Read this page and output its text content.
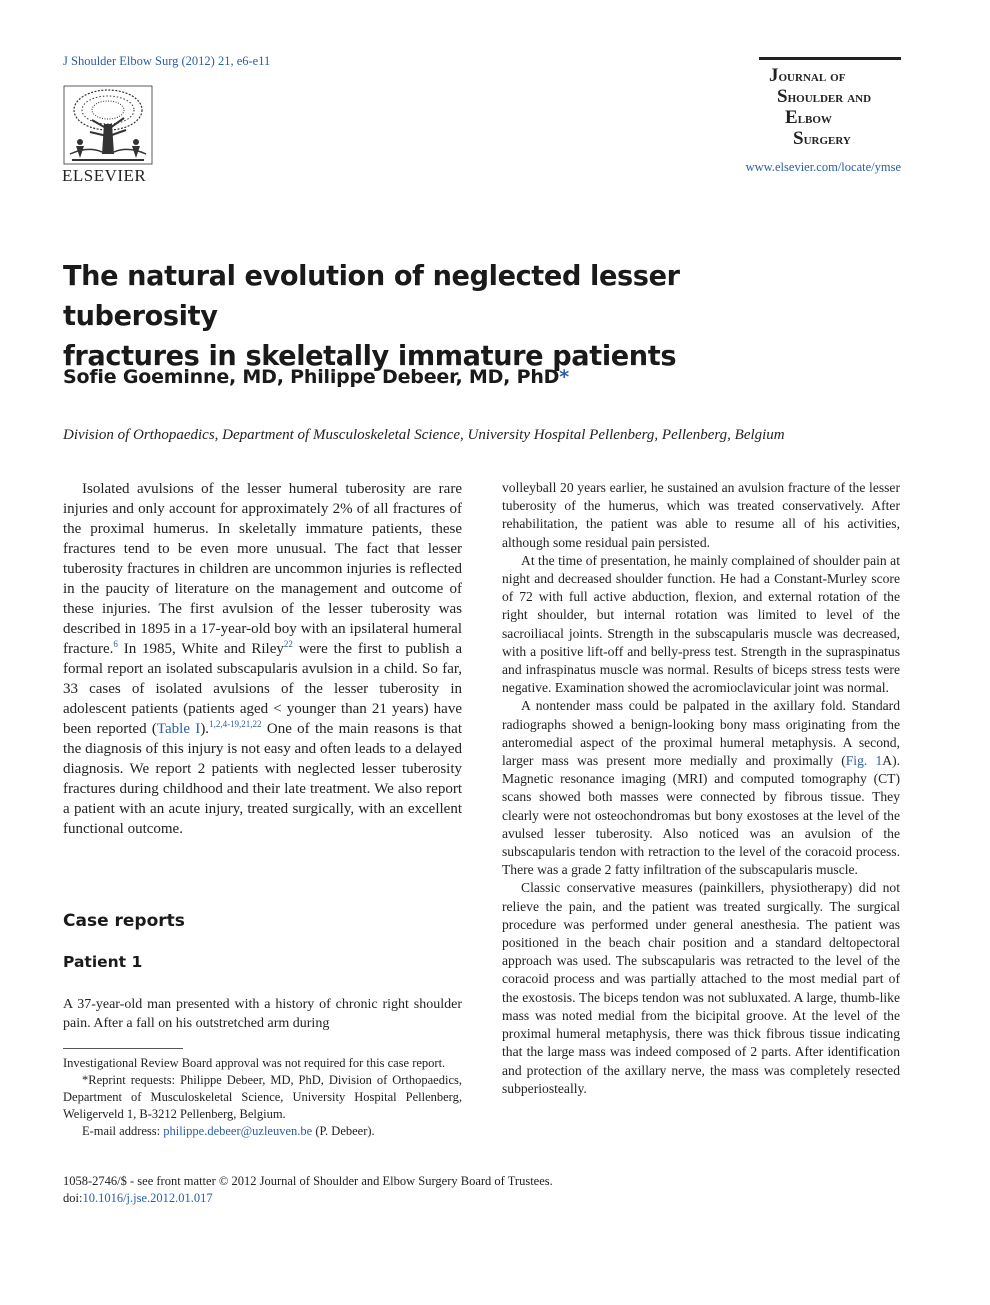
J Shoulder Elbow Surg (2012) 21, e6-e11
ELSEVIER
Journal of
Shoulder and
Elbow
Surgery
www.elsevier.com/locate/ymse
The natural evolution of neglected lesser tuberosity
fractures in skeletally immature patients
Sofie Goeminne, MD, Philippe Debeer, MD, PhD*
Division of Orthopaedics, Department of Musculoskeletal Science, University Hospital Pellenberg, Pellenberg, Belgium

Isolated avulsions of the lesser humeral tuberosity are rare injuries and only account for approximately 2% of all fractures of the proximal humerus. In skeletally immature patients, these fractures tend to be even more unusual. The fact that lesser tuberosity fractures in children are uncommon injuries is reflected in the paucity of literature on the management and outcome of these injuries. The first avulsion of the lesser tuberosity was described in 1895 in a 17-year-old boy with an ipsilateral humeral fracture.$^6$ In 1985, White and Riley$^{22}$ were the first to publish a formal report an isolated subscapularis avulsion in a child. So far, 33 cases of isolated avulsions of the lesser tuberosity in adolescent patients (patients aged < younger than 21 years) have been reported (Table I).$^{1,2,4-19,21,22}$ One of the main reasons is that the diagnosis of this injury is not easy and often leads to a delayed diagnosis. We report 2 patients with neglected lesser tuberosity fractures during childhood and their late treatment. We also report a patient with an acute injury, treated surgically, with an excellent functional outcome.

Case reports
Patient 1
A 37-year-old man presented with a history of chronic right shoulder pain. After a fall on his outstretched arm during

Investigational Review Board approval was not required for this case report.

*Reprint requests: Philippe Debeer, MD, PhD, Division of Orthopaedics, Department of Musculoskeletal Science, University Hospital Pellenberg, Weligerveld 1, B-3212 Pellenberg, Belgium.

E-mail address: philippe.debeer@uzleuven.be (P. Debeer).

volleyball 20 years earlier, he sustained an avulsion fracture of the lesser tuberosity of the humerus, which was treated conservatively. After rehabilitation, the patient was able to resume all of his activities, although some residual pain persisted.

At the time of presentation, he mainly complained of shoulder pain at night and decreased shoulder function. He had a Constant-Murley score of 72 with full active abduction, flexion, and external rotation of the right shoulder, but internal rotation was limited to level of the sacroiliacal joints. Strength in the subscapularis muscle was decreased, with a positive lift-off and belly-press test. Strength in the supraspinatus and infraspinatus muscle was normal. Results of biceps stress tests were negative. Examination showed the acromioclavicular joint was normal.

A nontender mass could be palpated in the axillary fold. Standard radiographs showed a benign-looking bony mass originating from the anteromedial aspect of the proximal humeral metaphysis. A second, larger mass was present more medially and proximally (Fig. 1A). Magnetic resonance imaging (MRI) and computed tomography (CT) scans showed both masses were connected by fibrous tissue. They clearly were not osteochondromas but bony exostoses at the level of the avulsed lesser tuberosity. Also noticed was an avulsion of the subscapularis tendon with retraction to the level of the coracoid process. There was a grade 2 fatty infiltration of the subscapularis muscle.

Classic conservative measures (painkillers, physiotherapy) did not relieve the pain, and the patient was treated surgically. The surgical procedure was performed under general anesthesia. The patient was positioned in the beach chair position and a standard deltopectoral approach was used. The subscapularis was retracted to the level of the coracoid process and was partially attached to the most medial part of the exostosis. The biceps tendon was not subluxated. A large, thumb-like mass was noted medial from the bicipital groove. At the level of the proximal humeral metaphysis, there was thick fibrous tissue indicating that the large mass was indeed composed of 2 parts. After identification and protection of the axillary nerve, the mass was completely resected subperiosteally.

1058-2746/$ - see front matter © 2012 Journal of Shoulder and Elbow Surgery Board of Trustees.
doi:10.1016/j.jse.2012.01.017
